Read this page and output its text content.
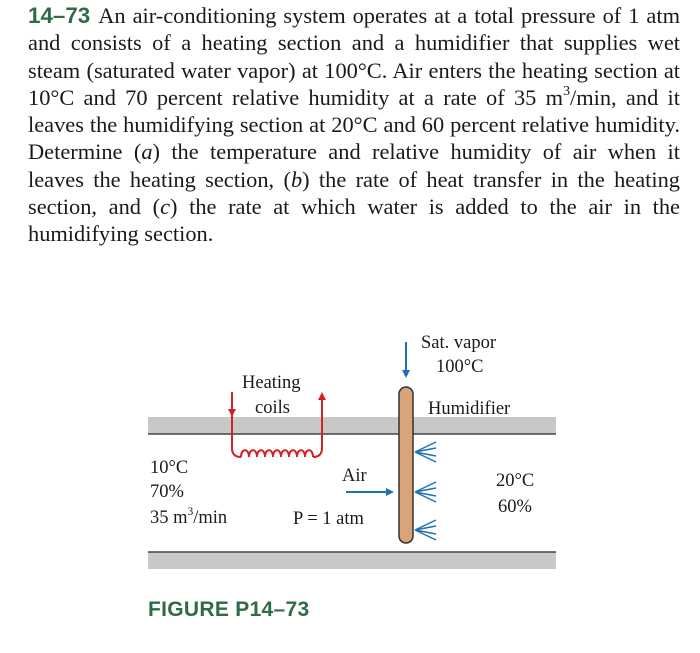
14–73 An air-conditioning system operates at a total pressure of 1 atm and consists of a heating section and a humidifier that supplies wet steam (saturated water vapor) at 100°C. Air enters the heating section at 10°C and 70 percent relative humidity at a rate of 35 $m^3/\min$, and it leaves the humidifying section at 20°C and 60 percent relative humidity. Determine (a) the temperature and relative humidity of air when it leaves the heating section, (b) the rate of heat transfer in the heating section, and (c) the rate at which water is added to the air in the humidifying section.
Sat. vapor
100°C
Heating
coils	Humidifier
10°C
70%
35 $m^3/\min$
Air
P = 1 atm
20°C
60%
FIGURE P14–73
